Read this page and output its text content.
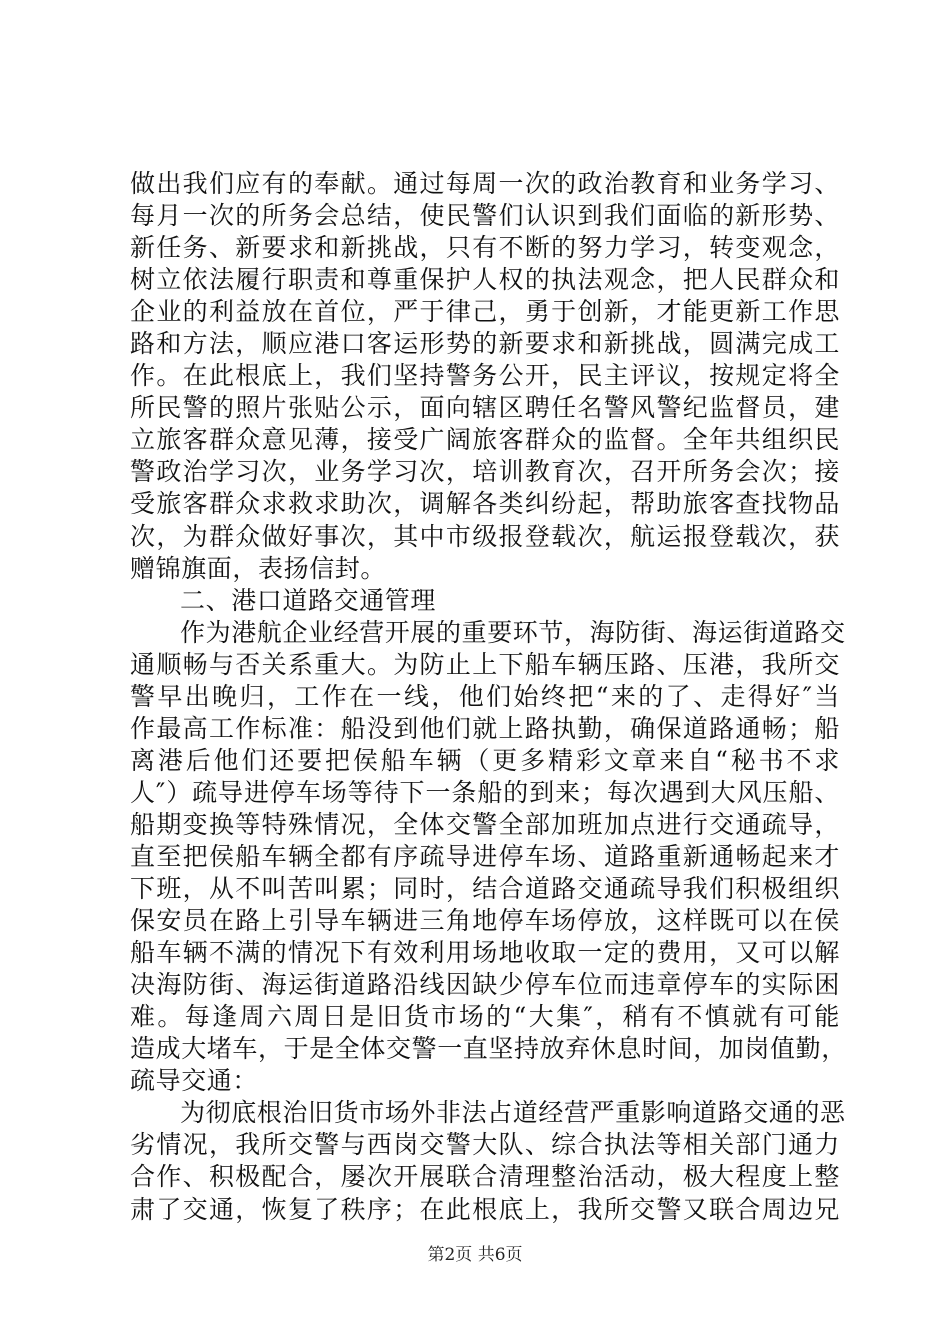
做出我们应有的奉献。通过每周一次的政治教育和业务学习、
每月一次的所务会总结，使民警们认识到我们面临的新形势、
新任务、新要求和新挑战，只有不断的努力学习，转变观念，
树立依法履行职责和尊重保护人权的执法观念，把人民群众和
企业的利益放在首位，严于律己，勇于创新，才能更新工作思
路和方法，顺应港口客运形势的新要求和新挑战，圆满完成工
作。在此根底上，我们坚持警务公开，民主评议，按规定将全
所民警的照片张贴公示，面向辖区聘任名警风警纪监督员，建
立旅客群众意见薄，接受广阔旅客群众的监督。全年共组织民
警政治学习次，业务学习次，培训教育次，召开所务会次；接
受旅客群众求救求助次，调解各类纠纷起，帮助旅客查找物品
次，为群众做好事次，其中市级报登载次，航运报登载次，获
赠锦旗面，表扬信封。
二、港口道路交通管理
作为港航企业经营开展的重要环节，海防街、海运街道路交
通顺畅与否关系重大。为防止上下船车辆压路、压港，我所交
警早出晚归，工作在一线，他们始终把“来的了、走得好″当
作最高工作标准：船没到他们就上路执勤，确保道路通畅；船
离港后他们还要把侯船车辆（更多精彩文章来自“秘书不求
人″）疏导进停车场等待下一条船的到来；每次遇到大风压船、
船期变换等特殊情况，全体交警全部加班加点进行交通疏导，
直至把侯船车辆全都有序疏导进停车场、道路重新通畅起来才
下班，从不叫苦叫累；同时，结合道路交通疏导我们积极组织
保安员在路上引导车辆进三角地停车场停放，这样既可以在侯
船车辆不满的情况下有效利用场地收取一定的费用，又可以解
决海防街、海运街道路沿线因缺少停车位而违章停车的实际困
难。每逢周六周日是旧货市场的“大集″，稍有不慎就有可能
造成大堵车，于是全体交警一直坚持放弃休息时间，加岗值勤，
疏导交通：
为彻底根治旧货市场外非法占道经营严重影响道路交通的恶
劣情况，我所交警与西岗交警大队、综合执法等相关部门通力
合作、积极配合，屡次开展联合清理整治活动，极大程度上整
肃了交通，恢复了秩序；在此根底上，我所交警又联合周边兄
第2页 共6页
